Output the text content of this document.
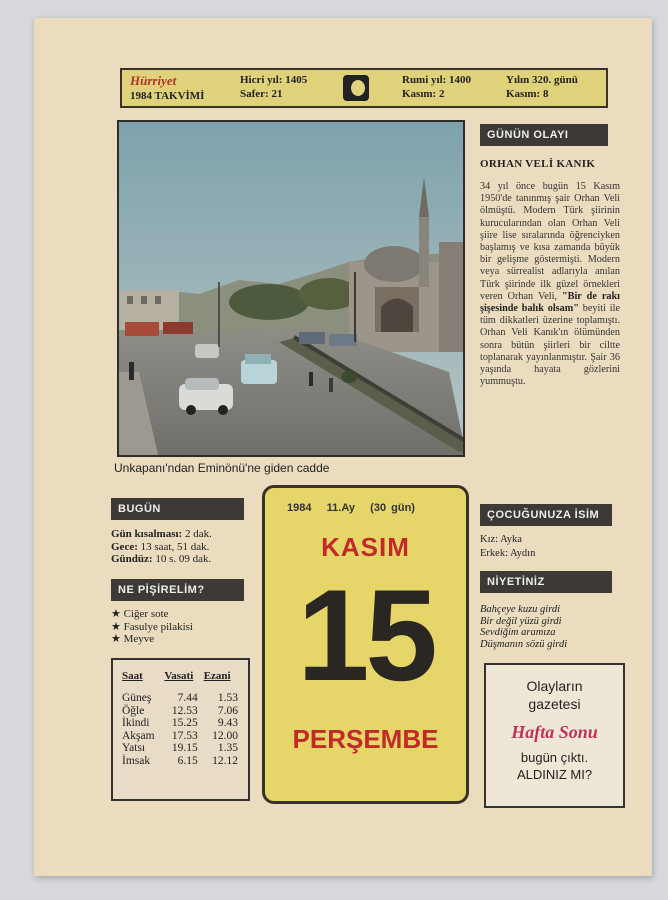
Hürriyet
1984 TAKVİMİ
Hicri yıl: 1405
Safer: 21
Rumi yıl: 1400
Kasım: 2
Yılın 320. günü
Kasım: 8
Unkapanı'ndan Eminönü'ne giden cadde
GÜNÜN OLAYI
ORHAN VELİ KANIK
34 yıl önce bugün 15 Kasım 1950'de tanınmış şair Orhan Veli ölmüştü. Modern Türk şiirinin kurucularından olan Orhan Veli şiire lise sıralarında öğrenciyken başlamış ve kısa zamanda büyük bir gelişme göstermişti. Modern veya sürrealist adlarıyla anılan Türk şiirinde ilk güzel örnekleri veren Orhan Veli, "Bir de rakı şişesinde balık olsam" beyiti ile tüm dikkatleri üzerine toplamıştı. Orhan Veli Kanık'ın ölümünden sonra bütün şiirleri bir ciltte toplanarak yayınlanmıştır. Şair 36 yaşında hayata gözlerini yummuştu.
BUGÜN
Gün kısalması: 2 dak.
Gece: 13 saat, 51 dak.
Gündüz: 10 s. 09 dak.
NE PİŞİRELİM?
★ Ciğer sote
★ Fasulye pilakisi
★ Meyve
Saat	Vasati	Ezani
Güneş	7.44	1.53
Öğle	12.53	7.06
İkindi	15.25	9.43
Akşam	17.53	12.00
Yatsı	19.15	1.35
İmsak	6.15	12.12
1984 11.Ay (30 gün)
KASIM
15
PERŞEMBE
ÇOCUĞUNUZA İSİM
Kız: Ayka
Erkek: Aydın
NİYETİNİZ
Bahçeye kuzu girdi
Bir değil yüzü girdi
Sevdiğim aramıza
Düşmanın sözü girdi
Olayların
gazetesi
Hafta Sonu
bugün çıktı.
ALDINIZ MI?
